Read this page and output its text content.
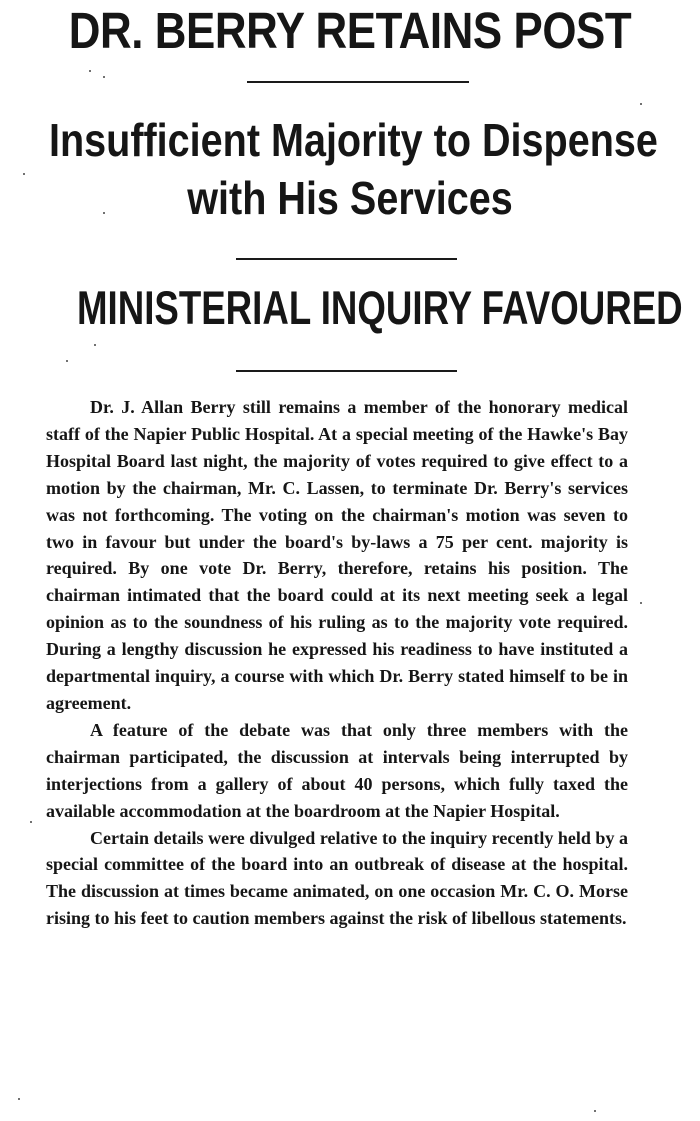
DR. BERRY RETAINS POST
Insufficient Majority to Dispense
with His Services
MINISTERIAL INQUIRY FAVOURED

Dr. J. Allan Berry still remains a member of the honorary medical staff of the Napier Public Hospital. At a special meeting of the Hawke's Bay Hospital Board last night, the majority of votes required to give effect to a motion by the chairman, Mr. C. Lassen, to terminate Dr. Berry's services was not forthcoming. The voting on the chairman's motion was seven to two in favour but under the board's by-laws a 75 per cent. majority is required. By one vote Dr. Berry, therefore, retains his position. The chairman intimated that the board could at its next meeting seek a legal opinion as to the soundness of his ruling as to the majority vote required. During a lengthy discussion he expressed his readiness to have instituted a departmental inquiry, a course with which Dr. Berry stated himself to be in agreement.

A feature of the debate was that only three members with the chairman participated, the discussion at intervals being interrupted by interjections from a gallery of about 40 persons, which fully taxed the available accommodation at the boardroom at the Napier Hospital.

Certain details were divulged relative to the inquiry recently held by a special committee of the board into an outbreak of disease at the hospital. The discussion at times became animated, on one occasion Mr. C. O. Morse rising to his feet to caution members against the risk of libellous statements.
